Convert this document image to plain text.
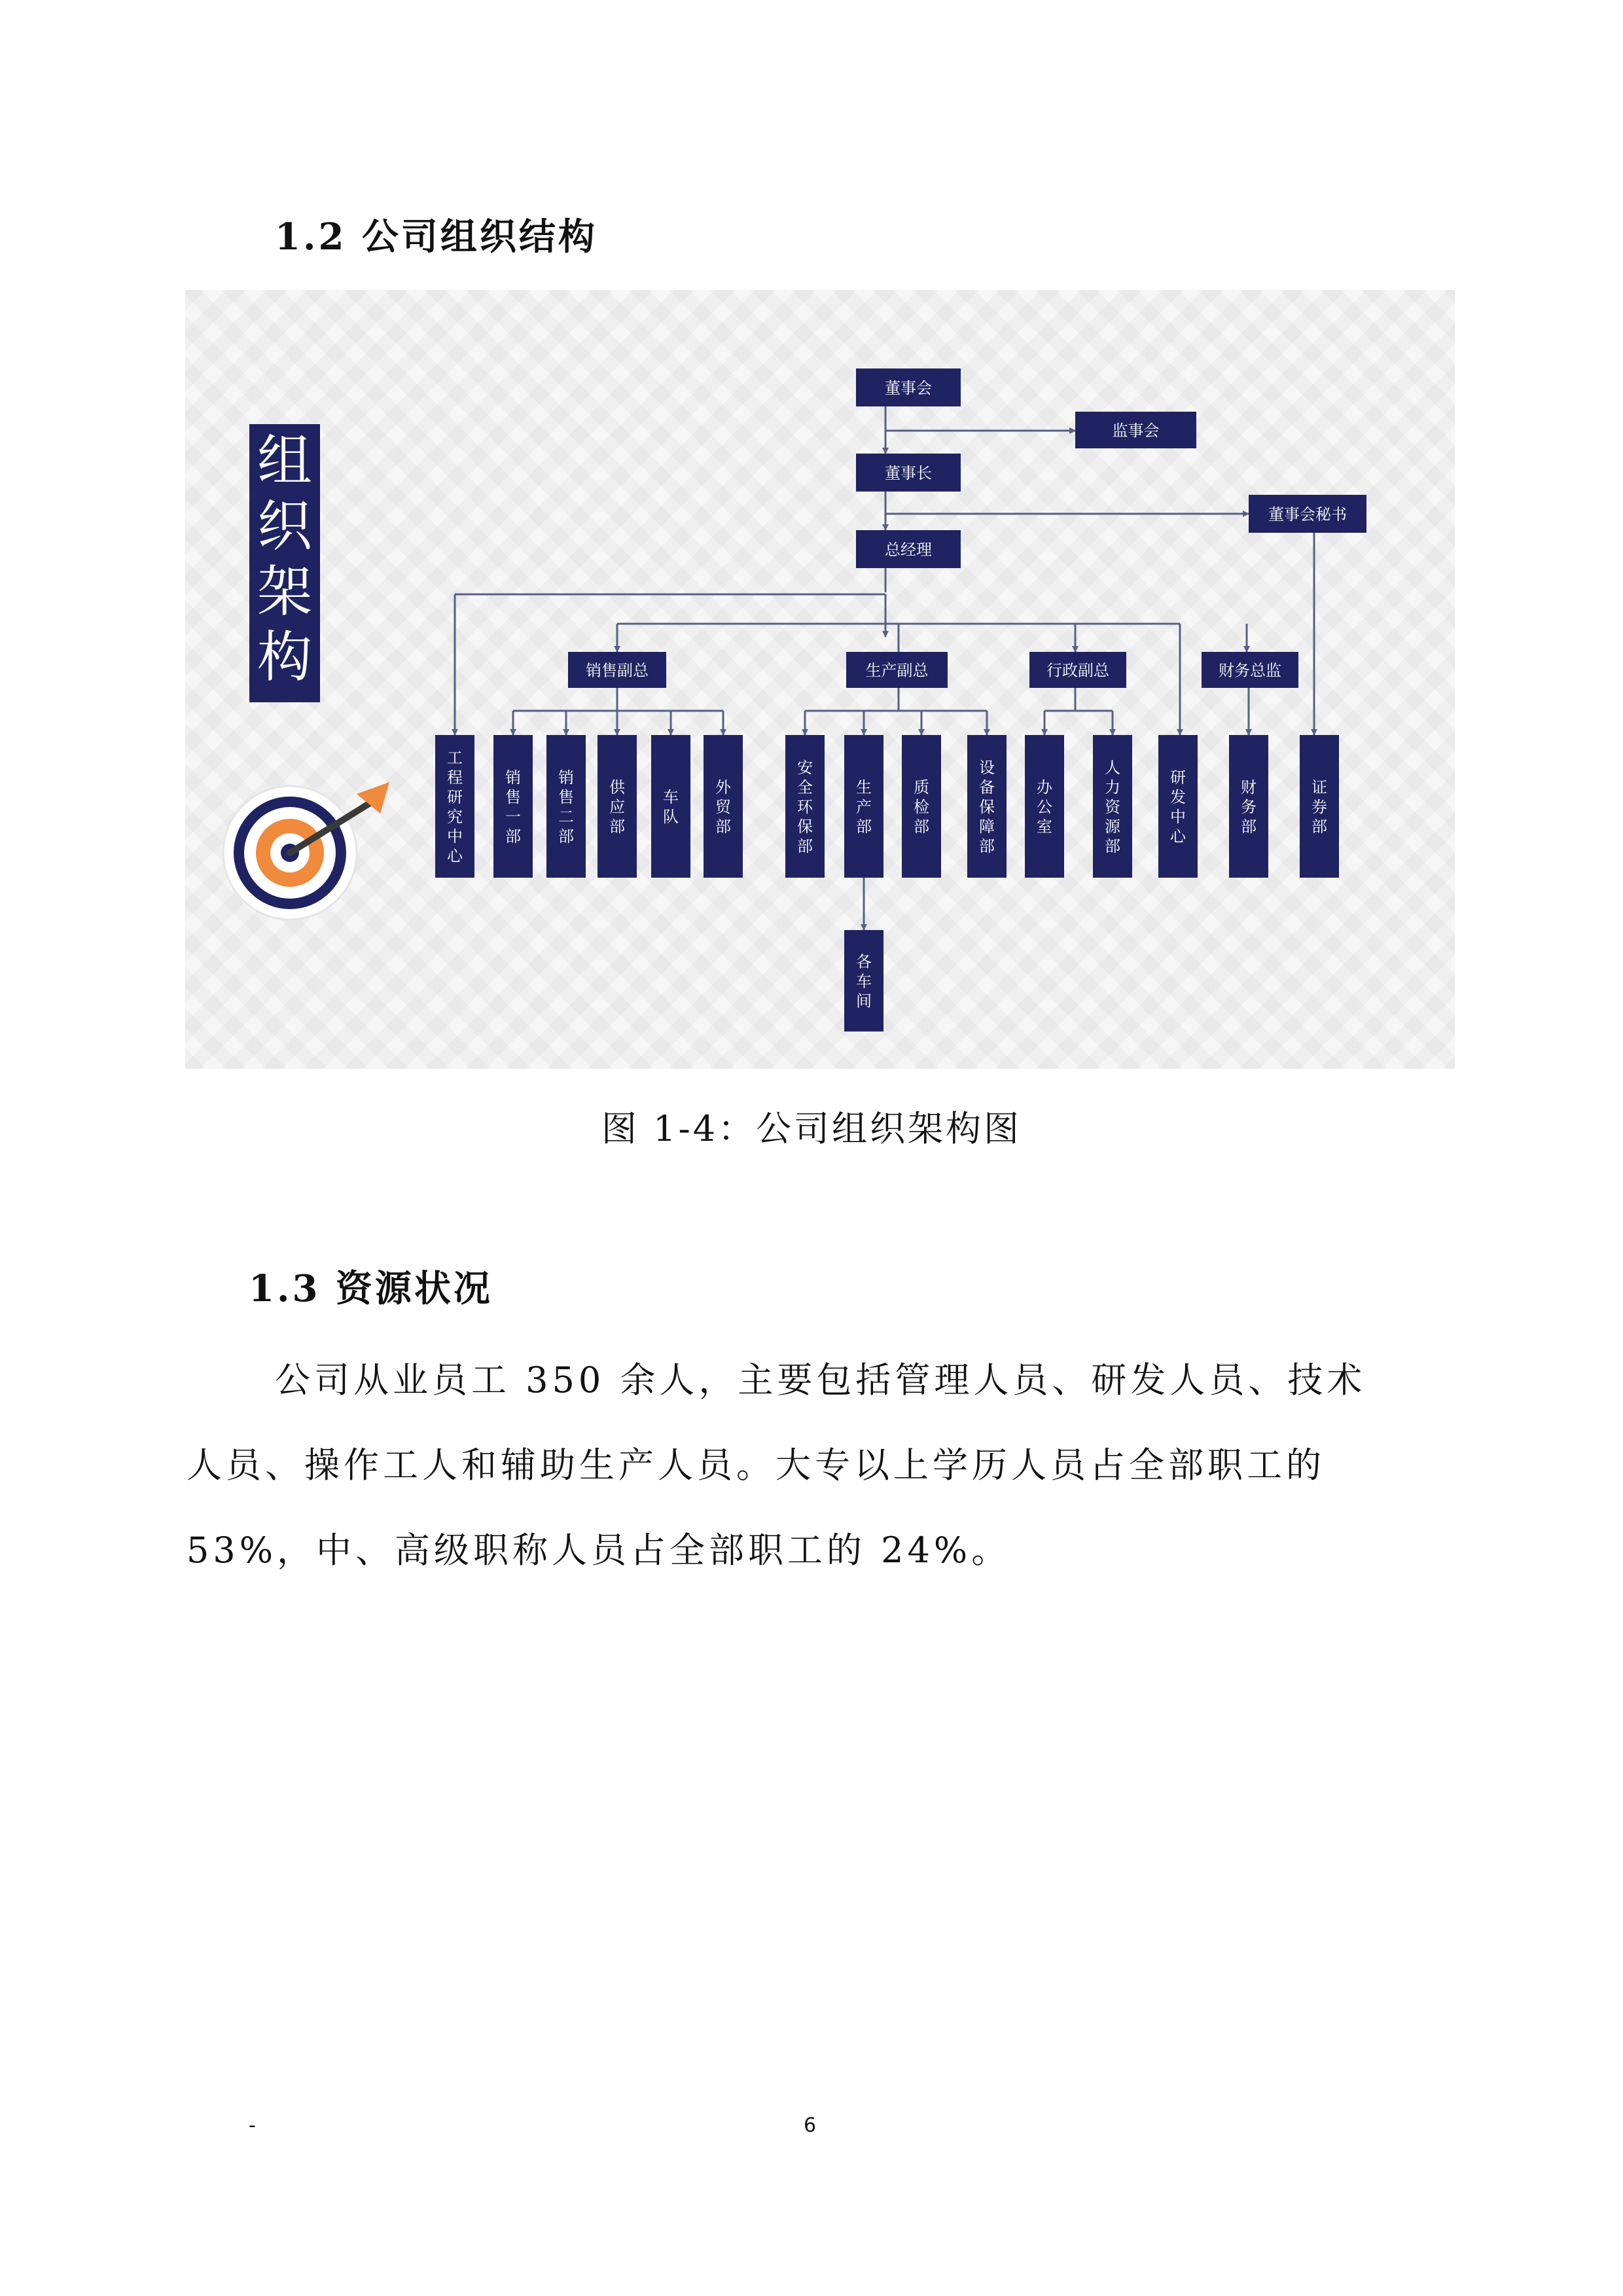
1.2 公司组织结构
组
织
架
构
董事会
监事会
董事长
董事会秘书
总经理
销售副总	生产副总	行政副总	财务总监
工
程
研
究
中
心
销
售
一
部
销
售
二
部
供
应
部
车
队
外
贸
部
安
全
环
保
部
生
产
部
质
检
部
设
备
保
障
部
办
公
室
人
力
资
源
部
研
发
中
心
财
务
部
证
券
部
各
车
间
图 1-4：公司组织架构图
1.3 资源状况
公司从业员工 350 余人，主要包括管理人员、研发人员、技术
人员、操作工人和辅助生产人员。大专以上学历人员占全部职工的
53%，中、高级职称人员占全部职工的 24%。
-	6
